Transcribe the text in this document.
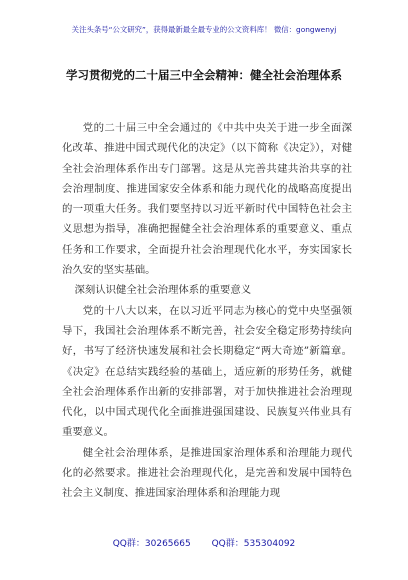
关注头条号“公文研究”，获得最新最全最专业的公文资料库！ 微信：gongwenyj
学习贯彻党的二十届三中全会精神：健全社会治理体系

党的二十届三中全会通过的《中共中央关于进一步全面深化改革、推进中国式现代化的决定》（以下简称《决定》），对健全社会治理体系作出专门部署。这是从完善共建共治共享的社会治理制度、推进国家安全体系和能力现代化的战略高度提出的一项重大任务。我们要坚持以习近平新时代中国特色社会主义思想为指导，准确把握健全社会治理体系的重要意义、重点任务和工作要求，全面提升社会治理现代化水平，夯实国家长治久安的坚实基础。

深刻认识健全社会治理体系的重要意义

党的十八大以来，在以习近平同志为核心的党中央坚强领导下，我国社会治理体系不断完善，社会安全稳定形势持续向好，书写了经济快速发展和社会长期稳定“两大奇迹”新篇章。《决定》在总结实践经验的基础上，适应新的形势任务，就健全社会治理体系作出新的安排部署，对于加快推进社会治理现代化，以中国式现代化全面推进强国建设、民族复兴伟业具有重要意义。

健全社会治理体系，是推进国家治理体系和治理能力现代化的必然要求。推进社会治理现代化，是完善和发展中国特色社会主义制度、推进国家治理体系和治理能力现

QQ群：30265665 QQ群：535304092
